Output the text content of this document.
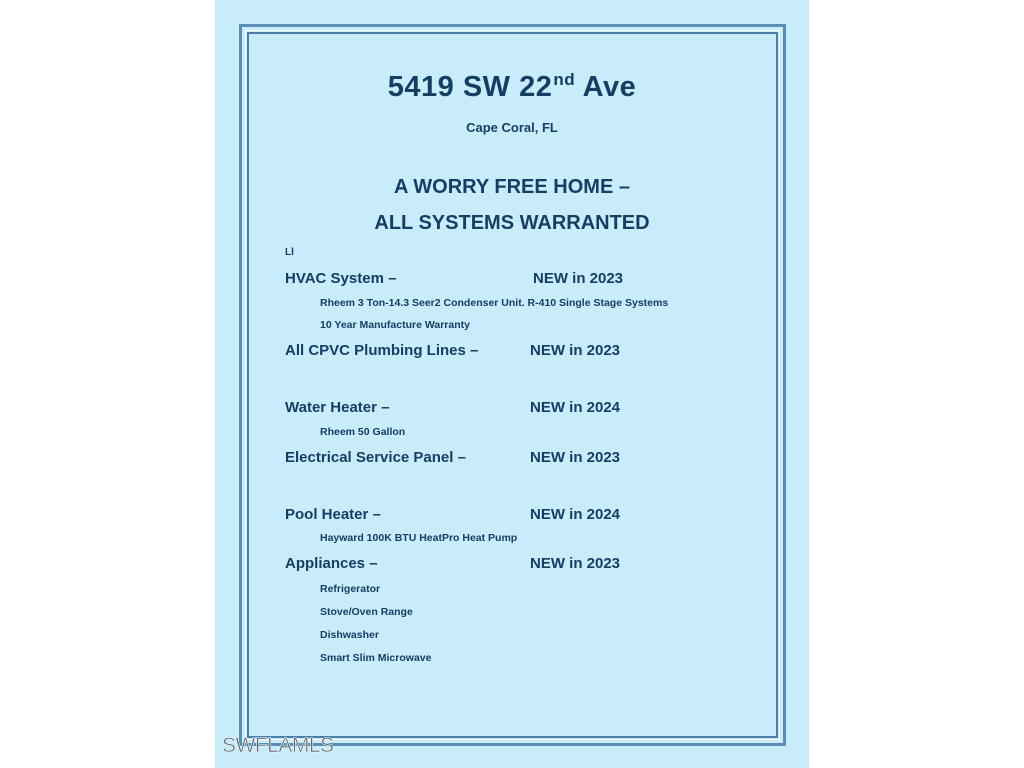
5419 SW 22nd Ave
Cape Coral, FL
A WORRY FREE HOME –
ALL SYSTEMS WARRANTED
Ll
HVAC System –	NEW in 2023
Rheem 3 Ton-14.3 Seer2 Condenser Unit. R-410 Single Stage Systems
10 Year Manufacture Warranty
All CPVC Plumbing Lines –	NEW in 2023
Water Heater –	NEW in 2024
Rheem 50 Gallon
Electrical Service Panel –	NEW in 2023
Pool Heater –	NEW in 2024
Hayward 100K BTU HeatPro Heat Pump
Appliances –	NEW in 2023
Refrigerator
Stove/Oven Range
Dishwasher
Smart Slim Microwave
SWFLAMLS
